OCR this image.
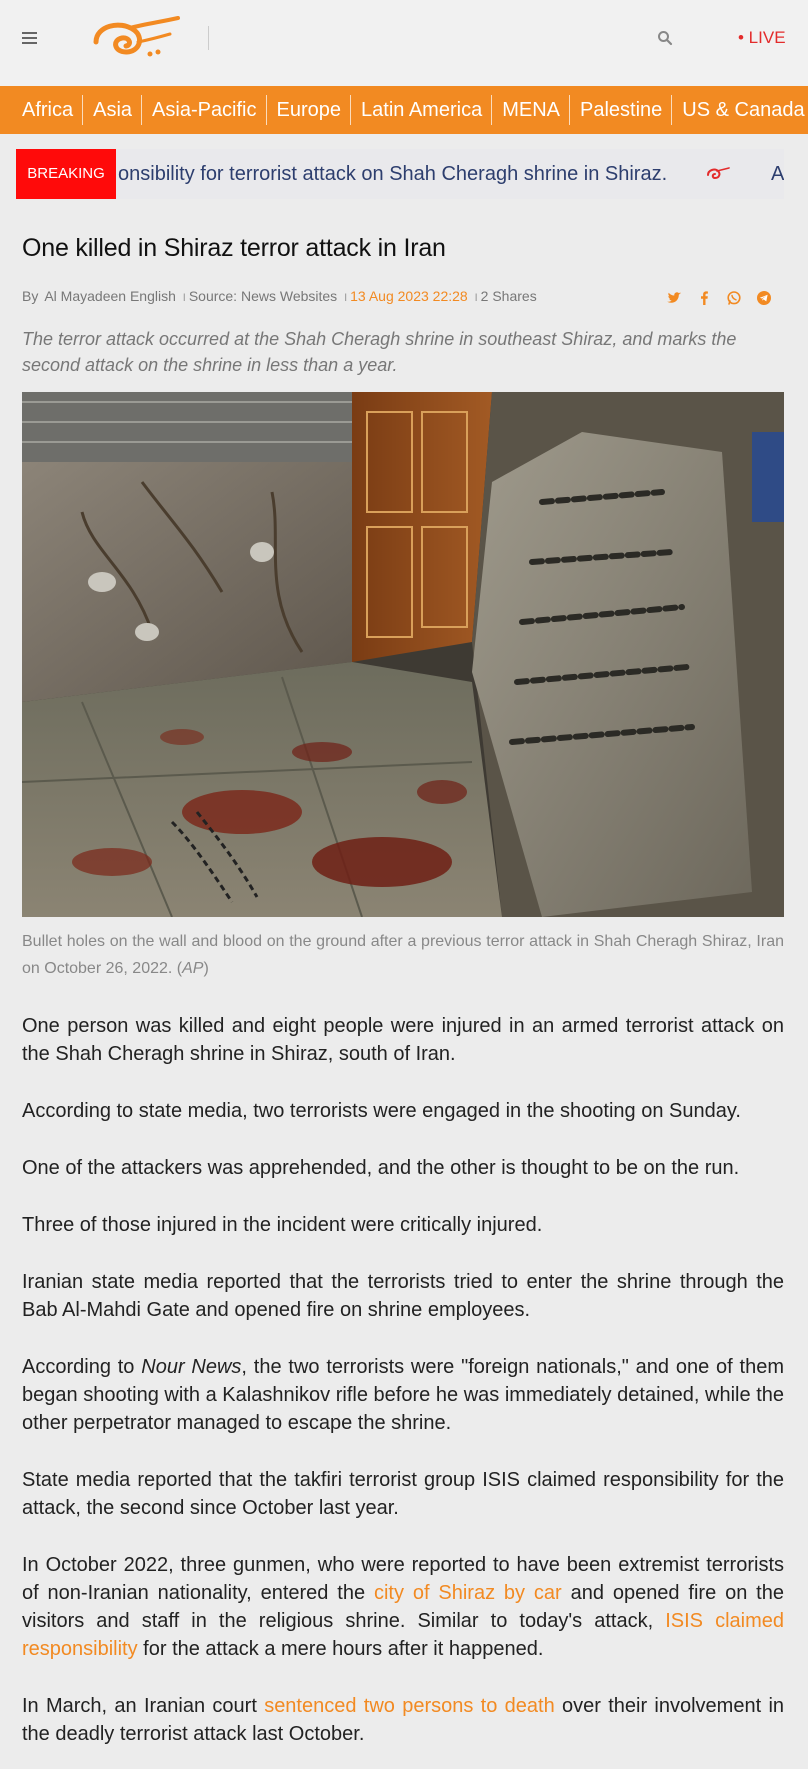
• LIVE
Africa Asia Asia-Pacific Europe Latin America MENA Palestine US & Canada
onsibility for terrorist attack on Shah Cheragh shrine in Shiraz.	A
BREAKING
One killed in Shiraz terror attack in Iran
By Al Mayadeen English I Source: News Websites I 13 Aug 2023 22:28 I 2 Shares

The terror attack occurred at the Shah Cheragh shrine in southeast Shiraz, and marks the second attack on the shrine in less than a year.

Bullet holes on the wall and blood on the ground after a previous terror attack in Shah Cheragh Shiraz, Iran on October 26, 2022. (AP)

One person was killed and eight people were injured in an armed terrorist attack on the Shah Cheragh shrine in Shiraz, south of Iran.

According to state media, two terrorists were engaged in the shooting on Sunday.

One of the attackers was apprehended, and the other is thought to be on the run.

Three of those injured in the incident were critically injured.

Iranian state media reported that the terrorists tried to enter the shrine through the Bab Al-Mahdi Gate and opened fire on shrine employees.

According to Nour News, the two terrorists were "foreign nationals," and one of them began shooting with a Kalashnikov rifle before he was immediately detained, while the other perpetrator managed to escape the shrine.

State media reported that the takfiri terrorist group ISIS claimed responsibility for the attack, the second since October last year.

In October 2022, three gunmen, who were reported to have been extremist terrorists of non-Iranian nationality, entered the city of Shiraz by car and opened fire on the visitors and staff in the religious shrine. Similar to today's attack, ISIS claimed responsibility for the attack a mere hours after it happened.

In March, an Iranian court sentenced two persons to death over their involvement in the deadly terrorist attack last October.
